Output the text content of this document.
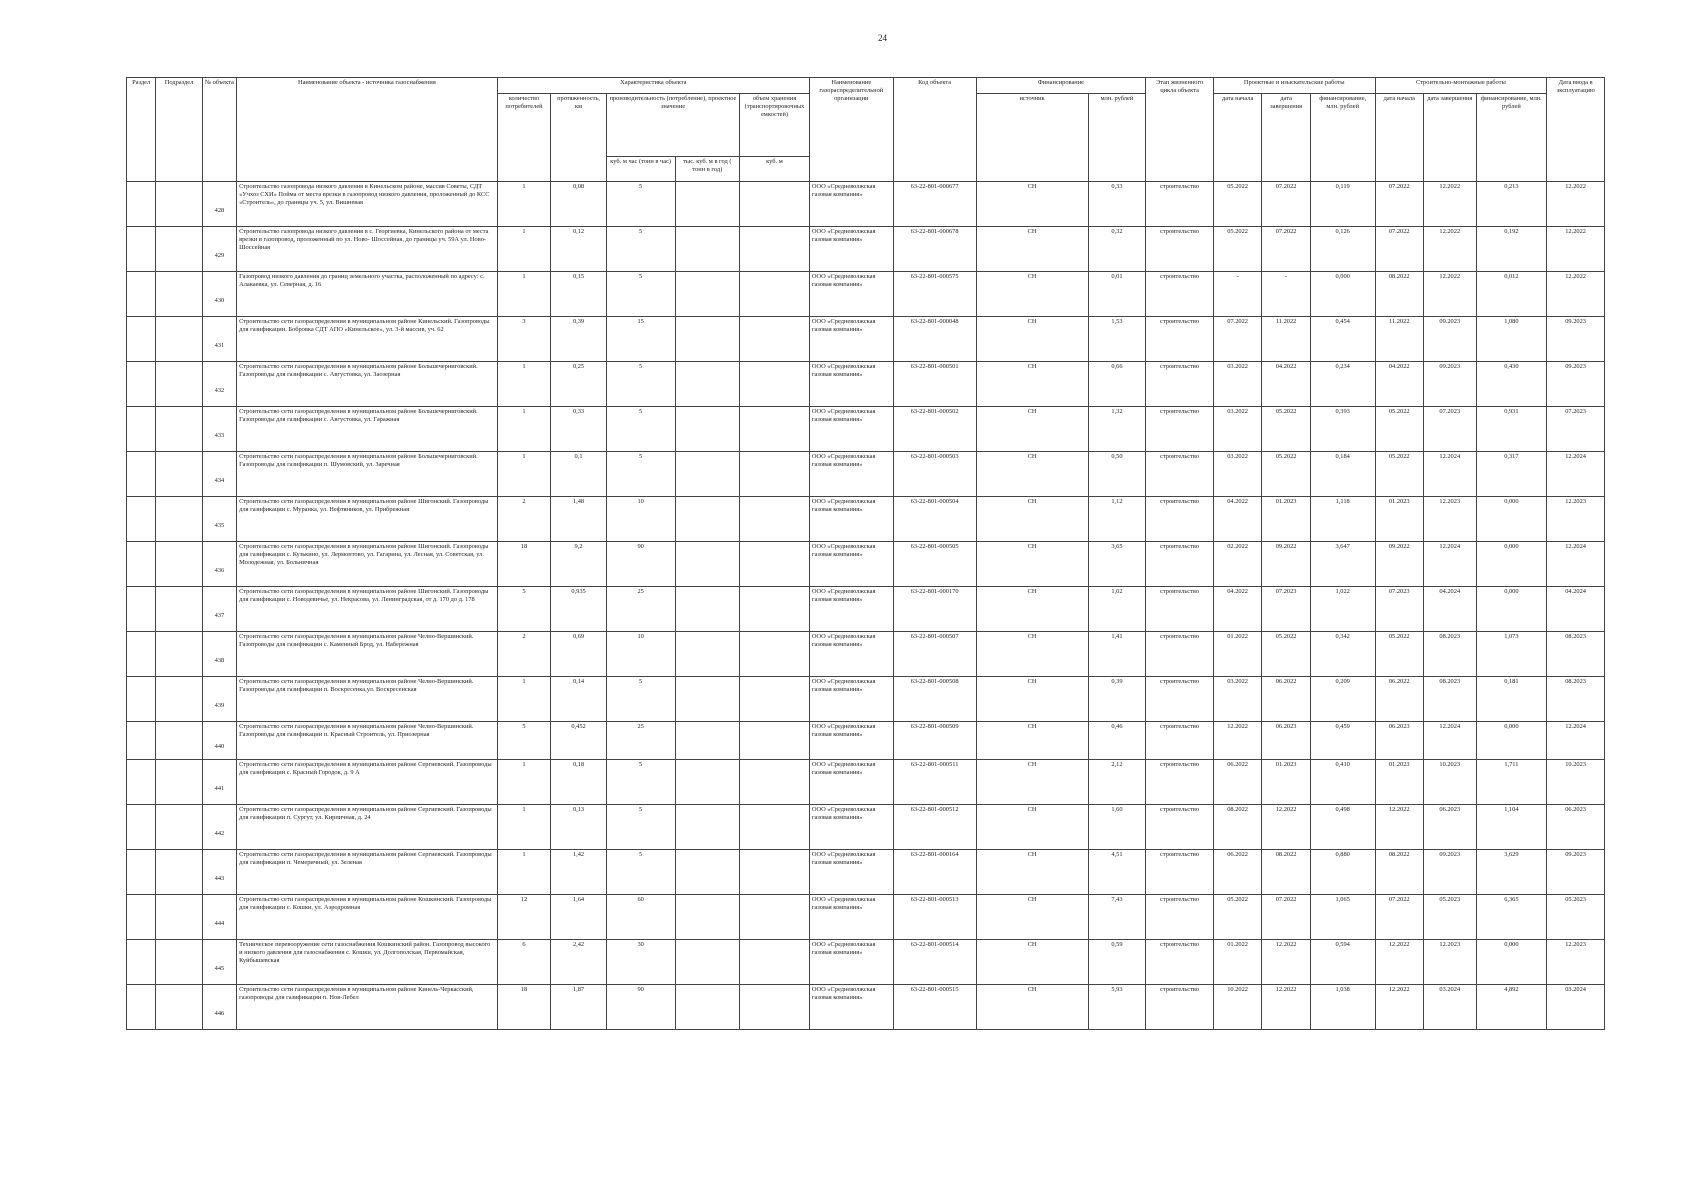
24
Раздел	Подраздел	№ объекта	Наименование объекта - источника газоснабжения	Характеристика объекта					Наименование газораспределительной организации	Код объекта	Финансирование		Этап жизненного цикла объекта	Проектные и изыскательские работы			Строительно-монтажные работы			Дата ввода в эксплуатацию
				количество потребителей	протяженность, км	производительность (потребление), проектное значение		объем хранения (транспортировочных емкостей)			источник	млн. рублей		дата начала	дата завершения	финансирование, млн. рублей	дата начала	дата завершения	финансирование, млн. рублей	
						куб. м час (тонн в час)	тыс. куб. м в год ( тонн в год)	куб. м												
		428	Строительство газопровода низкого давления в Кинельском районе, массив Советы, СДТ «Учхоз СХИ» Пойма от места врезки в газопровод низкого давления, проложенный до КСС «Строитель», до границы уч. 5, ул. Вишневая	1	0,08	5			ООО «Средневолжская газовая компания»	63-22-801-000677	СН	0,33	строительство	05.2022	07.2022	0,119	07.2022	12.2022	0,213	12.2022
		429	Строительство газопровода низкого давления в с. Георгиевка, Кинельского района от места врезки в газопровод, проложенный по ул. Ново- Шоссейная, до границы уч. 59А ул. Ново- Шоссейная	1	0,12	5			ООО «Средневолжская газовая компания»	63-22-801-000678	СН	0,32	строительство	05.2022	07.2022	0,126	07.2022	12.2022	0,192	12.2022
		430	Газопровод низкого давления до границ земельного участка, расположенный по адресу: с. Алакаевка, ул. Северная, д. 16	1	0,15	5			ООО «Средневолжская газовая компания»	63-22-801-000575	СН	0,01	строительство	-	-	0,000	08.2022	12.2022	0,012	12.2022
		431	Строительство сети газораспределения в муниципальном районе Кинельский. Газопроводы для газификации. Бобровка СДТ АПО «Кинельское», ул. 3-й массив, уч. 62	3	0,39	15			ООО «Средневолжская газовая компания»	63-22-801-000048	СН	1,53	строительство	07.2022	11.2022	0,454	11.2022	09.2023	1,080	09.2023
		432	Строительство сети газораспределения в муниципальном районе Большечерниговский. Газопроводы для газификации с. Августовка, ул. Заозерная	1	0,25	5			ООО «Средневолжская газовая компания»	63-22-801-000501	СН	0,66	строительство	03.2022	04.2022	0,234	04.2022	09.2023	0,430	09.2023
		433	Строительство сети газораспределения в муниципальном районе Большечерниговский. Газопроводы для газификации с. Августовка, ул. Гаражная	1	0,33	5			ООО «Средневолжская газовая компания»	63-22-801-000502	СН	1,32	строительство	03.2022	05.2022	0,393	05.2022	07.2023	0,931	07.2023
		434	Строительство сети газораспределения в муниципальном районе Большечерниговский. Газопроводы для газификации п. Шумовский, ул. Заречная	1	0,1	5			ООО «Средневолжская газовая компания»	63-22-801-000503	СН	0,50	строительство	03.2022	05.2022	0,184	05.2022	12.2024	0,317	12.2024
		435	Строительство сети газораспределения в муниципальном районе Шигонский. Газопроводы для газификации с. Муранка, ул. Нефтяников, ул. Прибрежная	2	1,48	10			ООО «Средневолжская газовая компания»	63-22-801-000504	СН	1,12	строительство	04.2022	01.2023	1,118	01.2023	12.2023	0,000	12.2023
		436	Строительство сети газораспределения в муниципальном районе Шигонский. Газопроводы для газификации с. Кузькино, ул. Лермонтово, ул. Гагарина, ул. Лесная, ул. Советская, ул. Молодежная, ул. Больничная	18	9,2	90			ООО «Средневолжская газовая компания»	63-22-801-000505	СН	3,65	строительство	02.2022	09.2022	3,647	09.2022	12.2024	0,000	12.2024
		437	Строительство сети газораспределения в муниципальном районе Шигонский. Газопроводы для газификации с. Новодевичье, ул. Некрасова, ул. Ленинградская, от д. 170 до д. 178	5	0,935	25			ООО «Средневолжская газовая компания»	63-22-801-000170	СН	1,02	строительство	04.2022	07.2023	1,022	07.2023	04.2024	0,000	04.2024
		438	Строительство сети газораспределения в муниципальном районе Челно-Вершинский. Газопроводы для газификации с. Каменный Брод, ул. Набережная	2	0,69	10			ООО «Средневолжская газовая компания»	63-22-801-000507	СН	1,41	строительство	01.2022	05.2022	0,342	05.2022	08.2023	1,073	08.2023
		439	Строительство сети газораспределения в муниципальном районе Челно-Вершинский. Газопроводы для газификации п. Воскресенка,ул. Воскресенская	1	0,14	5			ООО «Средневолжская газовая компания»	63-22-801-000508	СН	0,39	строительство	03.2022	06.2022	0,209	06.2022	08.2023	0,181	08.2023
		440	Строительство сети газораспределения в муниципальном районе Челно-Вершинский. Газопроводы для газификации п. Красный Строитель, ул. Приозерная	5	0,452	25			ООО «Средневолжская газовая компания»	63-22-801-000509	СН	0,46	строительство	12.2022	06.2023	0,459	06.2023	12.2024	0,000	12.2024
		441	Строительство сети газораспределения в муниципальном районе Сергиевский. Газопроводы для газификации с. Красный Городок, д. 9 А	1	0,18	5			ООО «Средневолжская газовая компания»	63-22-801-000511	СН	2,12	строительство	06.2022	01.2023	0,410	01.2023	10.2023	1,711	10.2023
		442	Строительство сети газораспределения в муниципальном районе Сергиевский. Газопроводы для газификации п. Сургут, ул. Кирпичная, д. 24	1	0,13	5			ООО «Средневолжская газовая компания»	63-22-801-000512	СН	1,60	строительство	08.2022	12.2022	0,498	12.2022	06.2023	1,104	06.2023
		443	Строительство сети газораспределения в муниципальном районе Сергиевский. Газопроводы для газификации п. Чемеричный, ул. Зеленая	1	1,42	5			ООО «Средневолжская газовая компания»	63-22-801-000164	СН	4,51	строительство	06.2022	08.2022	0,880	08.2022	09.2023	3,629	09.2023
		444	Строительство сети газораспределения в муниципальном районе Кошкинский. Газопроводы для газификации с. Кошки, ул. Аэродромная	12	1,64	60			ООО «Средневолжская газовая компания»	63-22-801-000513	СН	7,43	строительство	05.2022	07.2022	1,065	07.2022	05.2023	6,365	05.2023
		445	Техническое перевооружение сети газоснабжения Кошкинский район. Газопровод высокого и низкого давления для газоснабжения с. Кошки, ул. Долгополская, Первомайская, Куйбышевская	6	2,42	30			ООО «Средневолжская газовая компания»	63-22-801-000514	СН	0,59	строительство	01.2022	12.2022	0,594	12.2022	12.2023	0,000	12.2023
		446	Строительство сети газораспределения в муниципальном районе Кинель-Черкасский, газопроводы для газификации п. Нов-Лебел	18	1,87	90			ООО «Средневолжская газовая компания»	63-22-801-000515	СН	5,93	строительство	10.2022	12.2022	1,038	12.2022	03.2024	4,892	03.2024
